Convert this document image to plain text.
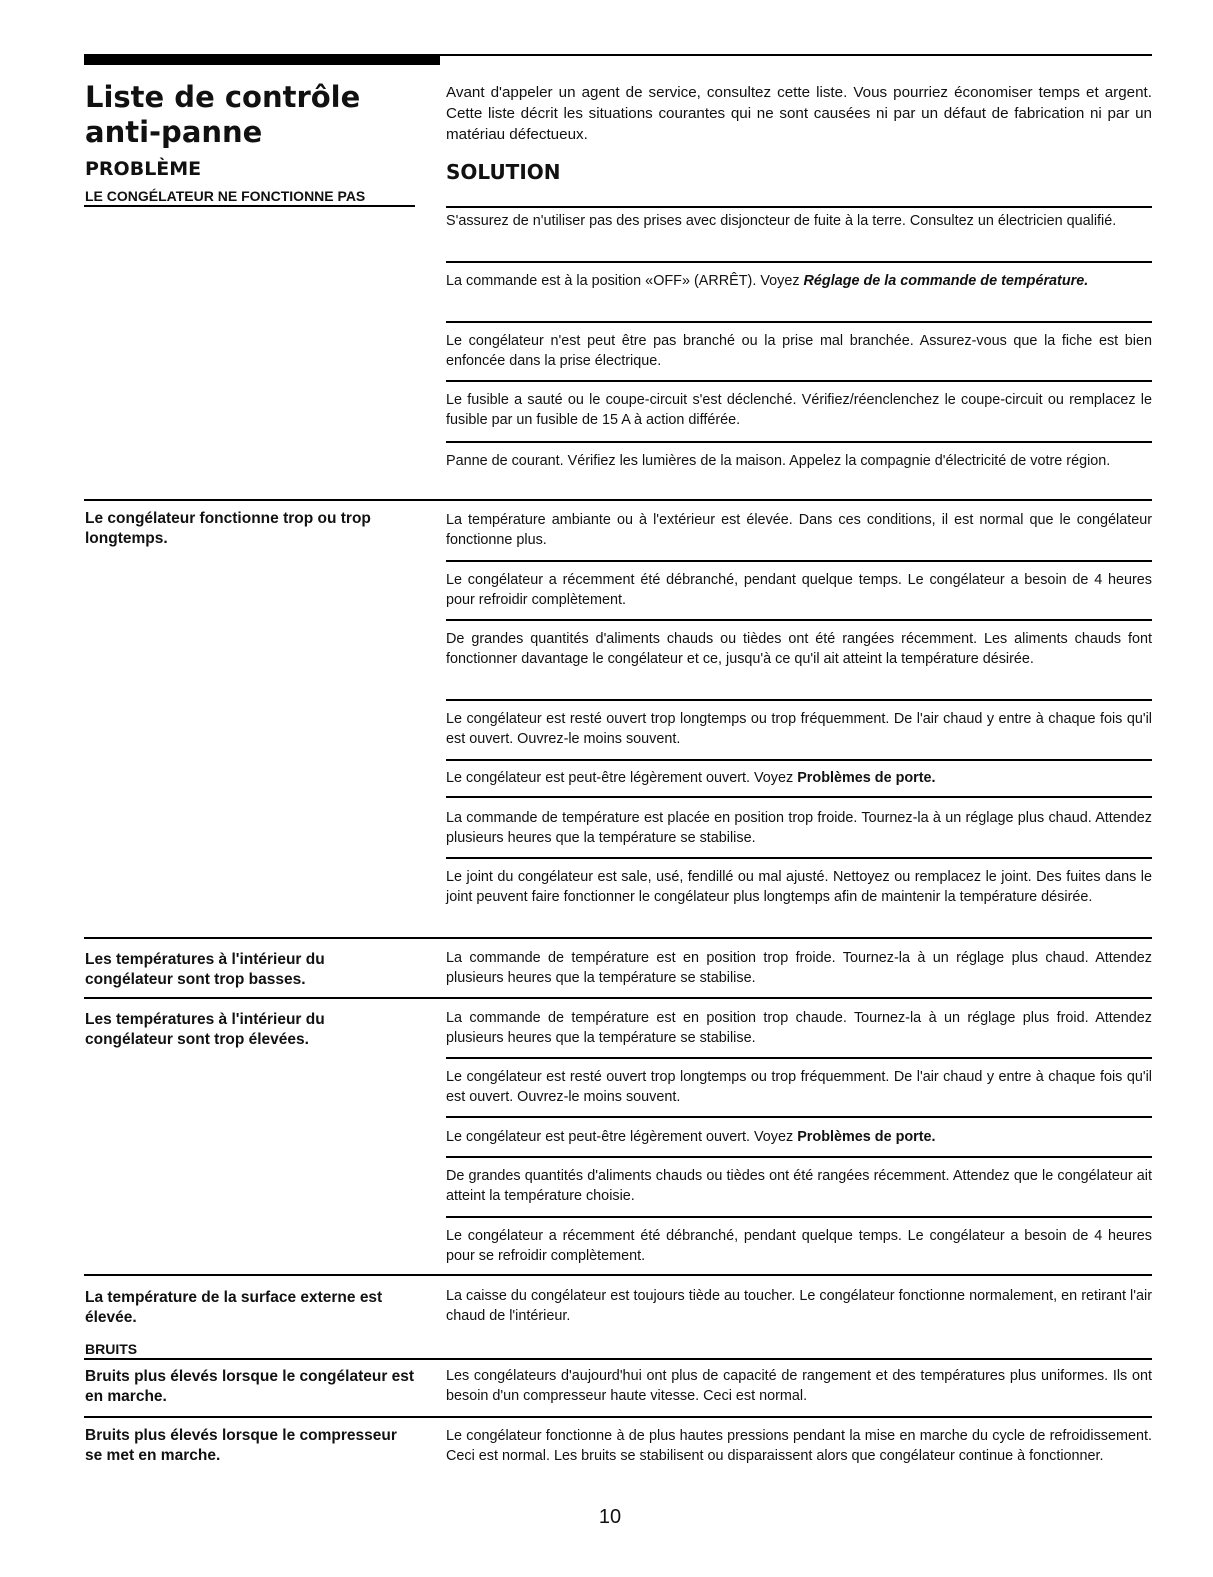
Liste de contrôle anti-panne

Avant d'appeler un agent de service, consultez cette liste. Vous pourriez économiser temps et argent. Cette liste décrit les situations courantes qui ne sont causées ni par un défaut de fabrication ni par un matériau défectueux.

PROBLÈME	SOLUTION
LE CONGÉLATEUR NE FONCTIONNE PAS

S'assurez de n'utiliser pas des prises avec disjoncteur de fuite à la terre. Consultez un électricien qualifié.

La commande est à la position «OFF» (ARRÊT). Voyez Réglage de la commande de température.

Le congélateur n'est peut être pas branché ou la prise mal branchée. Assurez-vous que la fiche est bien enfoncée dans la prise électrique.

Le fusible a sauté ou le coupe-circuit s'est déclenché. Vérifiez/réenclenchez le coupe-circuit ou remplacez le fusible par un fusible de 15 A à action différée.

Panne de courant. Vérifiez les lumières de la maison. Appelez la compagnie d'électricité de votre région.

Le congélateur fonctionne trop ou trop longtemps.

La température ambiante ou à l'extérieur est élevée. Dans ces conditions, il est normal que le congélateur fonctionne plus.

Le congélateur a récemment été débranché, pendant quelque temps. Le congélateur a besoin de 4 heures pour refroidir complètement.

De grandes quantités d'aliments chauds ou tièdes ont été rangées récemment. Les aliments chauds font fonctionner davantage le congélateur et ce, jusqu'à ce qu'il ait atteint la température désirée.

Le congélateur est resté ouvert trop longtemps ou trop fréquemment. De l'air chaud y entre à chaque fois qu'il est ouvert. Ouvrez-le moins souvent.

Le congélateur est peut-être légèrement ouvert. Voyez Problèmes de porte.

La commande de température est placée en position trop froide. Tournez-la à un réglage plus chaud. Attendez plusieurs heures que la température se stabilise.

Le joint du congélateur est sale, usé, fendillé ou mal ajusté. Nettoyez ou remplacez le joint. Des fuites dans le joint peuvent faire fonctionner le congélateur plus longtemps afin de maintenir la température désirée.

Les températures à l'intérieur du congélateur sont trop basses.

La commande de température est en position trop froide. Tournez-la à un réglage plus chaud. Attendez plusieurs heures que la température se stabilise.

Les températures à l'intérieur du congélateur sont trop élevées.

La commande de température est en position trop chaude. Tournez-la à un réglage plus froid. Attendez plusieurs heures que la température se stabilise.

Le congélateur est resté ouvert trop longtemps ou trop fréquemment. De l'air chaud y entre à chaque fois qu'il est ouvert. Ouvrez-le moins souvent.

Le congélateur est peut-être légèrement ouvert. Voyez Problèmes de porte.

De grandes quantités d'aliments chauds ou tièdes ont été rangées récemment. Attendez que le congélateur ait atteint la température choisie.

Le congélateur a récemment été débranché, pendant quelque temps. Le congélateur a besoin de 4 heures pour se refroidir complètement.

La température de la surface externe est élevée.

La caisse du congélateur est toujours tiède au toucher. Le congélateur fonctionne normalement, en retirant l'air chaud de l'intérieur.

BRUITS

Bruits plus élevés lorsque le congélateur est en marche.

Les congélateurs d'aujourd'hui ont plus de capacité de rangement et des températures plus uniformes. Ils ont besoin d'un compresseur haute vitesse. Ceci est normal.

Bruits plus élevés lorsque le compresseur se met en marche.

Le congélateur fonctionne à de plus hautes pressions pendant la mise en marche du cycle de refroidissement. Ceci est normal. Les bruits se stabilisent ou disparaissent alors que congélateur continue à fonctionner.

10
